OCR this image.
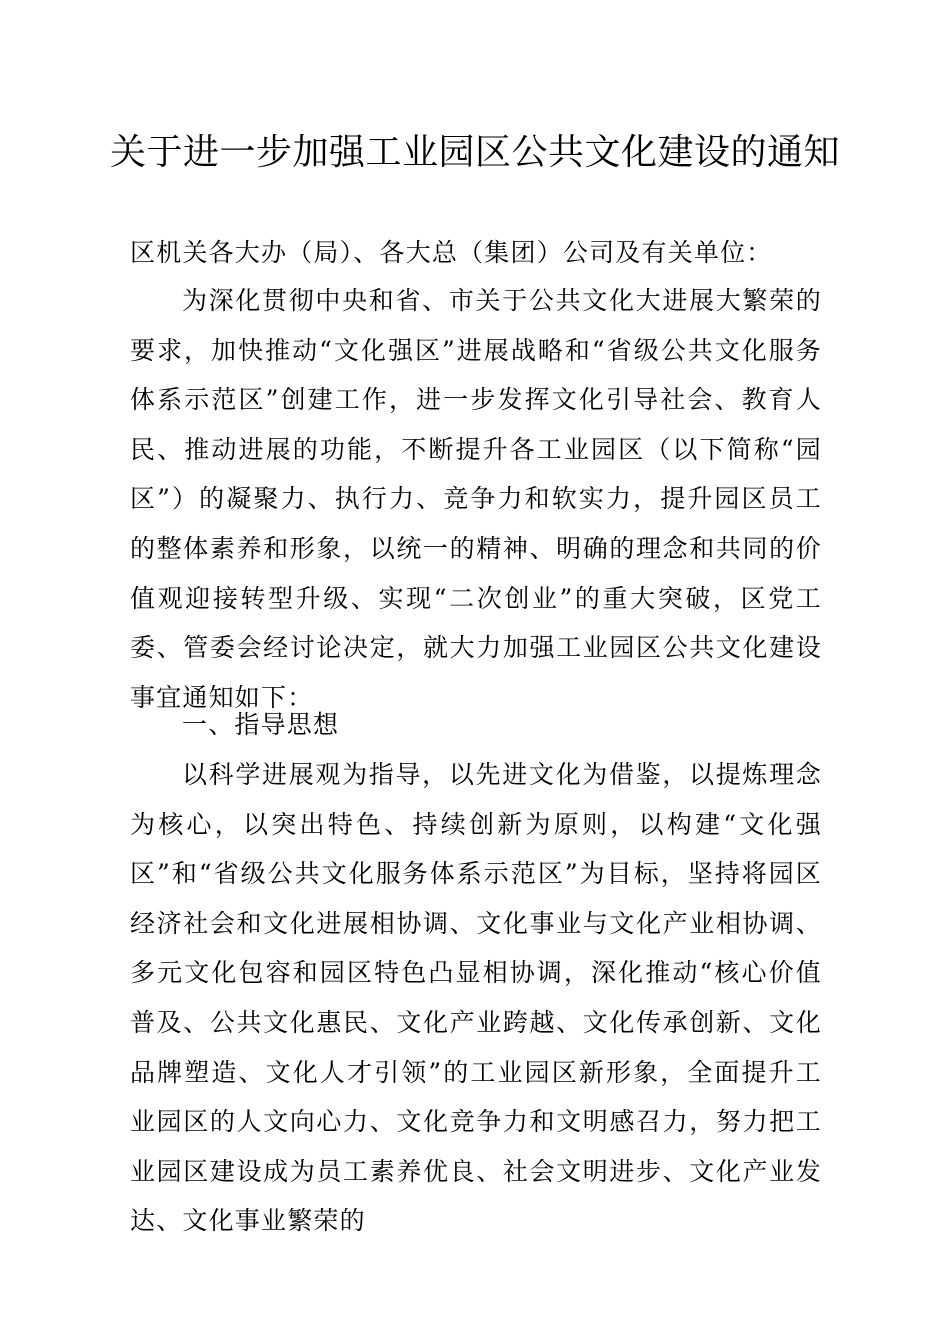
关于进一步加强工业园区公共文化建设的通知

区机关各大办（局）、各大总（集团）公司及有关单位：

为深化贯彻中央和省、市关于公共文化大进展大繁荣的要求，加快推动“文化强区”进展战略和“省级公共文化服务体系示范区”创建工作，进一步发挥文化引导社会、教育人民、推动进展的功能，不断提升各工业园区（以下简称“园区”）的凝聚力、执行力、竞争力和软实力，提升园区员工的整体素养和形象，以统一的精神、明确的理念和共同的价值观迎接转型升级、实现“二次创业”的重大突破，区党工委、管委会经讨论决定，就大力加强工业园区公共文化建设事宜通知如下：

一、指导思想

以科学进展观为指导，以先进文化为借鉴，以提炼理念为核心，以突出特色、持续创新为原则，以构建“文化强区”和“省级公共文化服务体系示范区”为目标，坚持将园区经济社会和文化进展相协调、文化事业与文化产业相协调、多元文化包容和园区特色凸显相协调，深化推动“核心价值普及、公共文化惠民、文化产业跨越、文化传承创新、文化品牌塑造、文化人才引领”的工业园区新形象，全面提升工业园区的人文向心力、文化竞争力和文明感召力，努力把工业园区建设成为员工素养优良、社会文明进步、文化产业发达、文化事业繁荣的
